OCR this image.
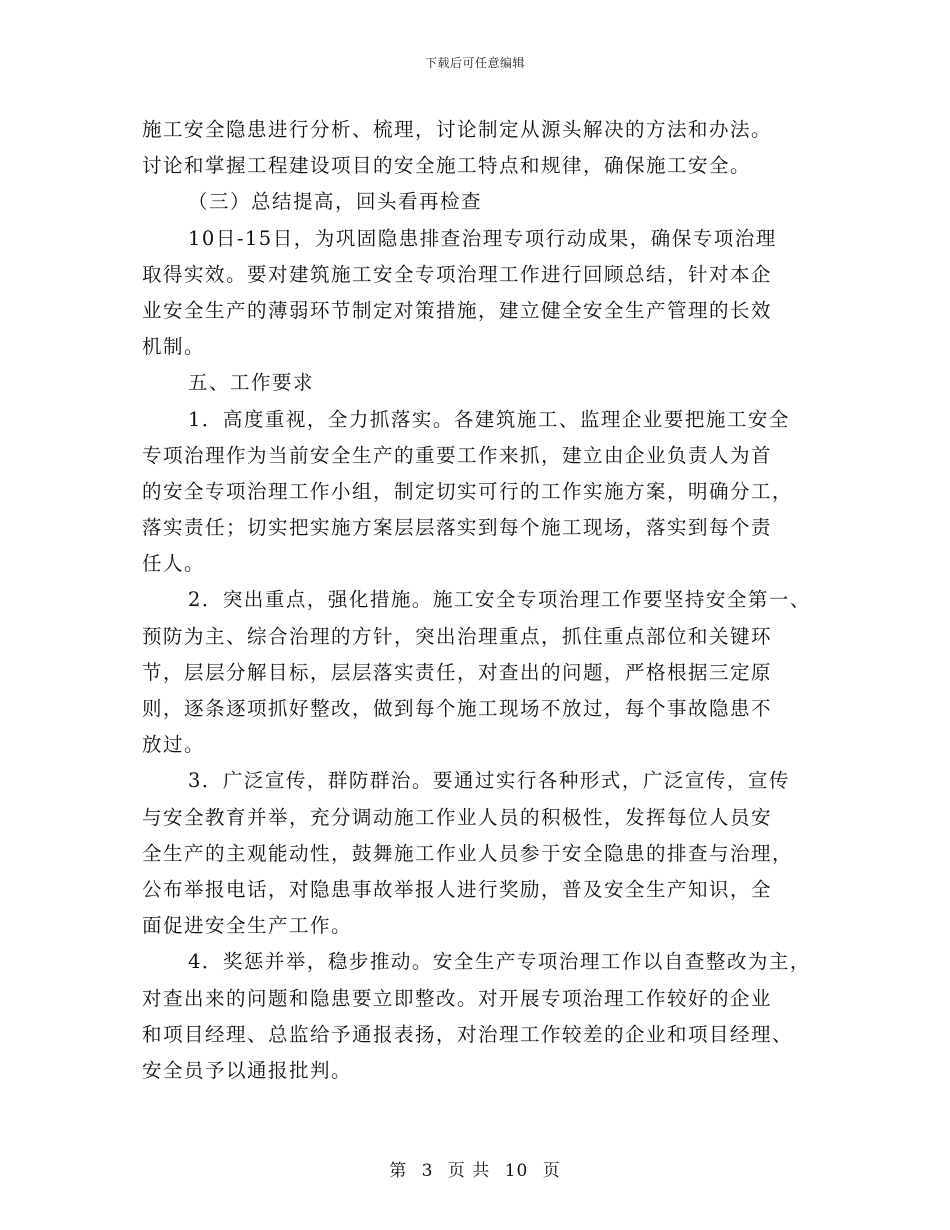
下载后可任意编辑
施工安全隐患进行分析、梳理，讨论制定从源头解决的方法和办法。
讨论和掌握工程建设项目的安全施工特点和规律，确保施工安全。
（三）总结提高，回头看再检查
10日-15日，为巩固隐患排查治理专项行动成果，确保专项治理
取得实效。要对建筑施工安全专项治理工作进行回顾总结，针对本企
业安全生产的薄弱环节制定对策措施，建立健全安全生产管理的长效
机制。
五、工作要求
1．高度重视，全力抓落实。各建筑施工、监理企业要把施工安全
专项治理作为当前安全生产的重要工作来抓，建立由企业负责人为首
的安全专项治理工作小组，制定切实可行的工作实施方案，明确分工，
落实责任；切实把实施方案层层落实到每个施工现场，落实到每个责
任人。
2．突出重点，强化措施。施工安全专项治理工作要坚持安全第一、
预防为主、综合治理的方针，突出治理重点，抓住重点部位和关键环
节，层层分解目标，层层落实责任，对查出的问题，严格根据三定原
则，逐条逐项抓好整改，做到每个施工现场不放过，每个事故隐患不
放过。
3．广泛宣传，群防群治。要通过实行各种形式，广泛宣传，宣传
与安全教育并举，充分调动施工作业人员的积极性，发挥每位人员安
全生产的主观能动性，鼓舞施工作业人员参于安全隐患的排查与治理，
公布举报电话，对隐患事故举报人进行奖励，普及安全生产知识，全
面促进安全生产工作。
4．奖惩并举，稳步推动。安全生产专项治理工作以自查整改为主，
对查出来的问题和隐患要立即整改。对开展专项治理工作较好的企业
和项目经理、总监给予通报表扬，对治理工作较差的企业和项目经理、
安全员予以通报批判。
第 3 页 共 10 页
